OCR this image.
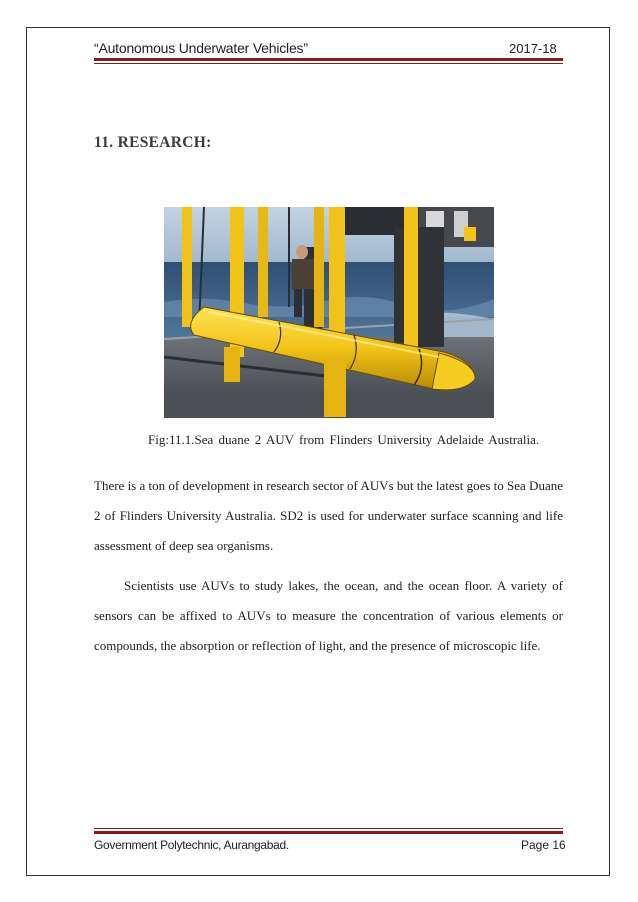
“Autonomous Underwater Vehicles”	2017-18
11. RESEARCH:
Fig:11.1.Sea duane 2 AUV from Flinders University Adelaide Australia.
There is a ton of development in research sector of AUVs but the latest goes to Sea Duane 2 of Flinders University Australia. SD2 is used for underwater surface scanning and life assessment of deep sea organisms.
Scientists use AUVs to study lakes, the ocean, and the ocean floor. A variety of sensors can be affixed to AUVs to measure the concentration of various elements or compounds, the absorption or reflection of light, and the presence of microscopic life.
Government Polytechnic, Aurangabad.	Page 16
